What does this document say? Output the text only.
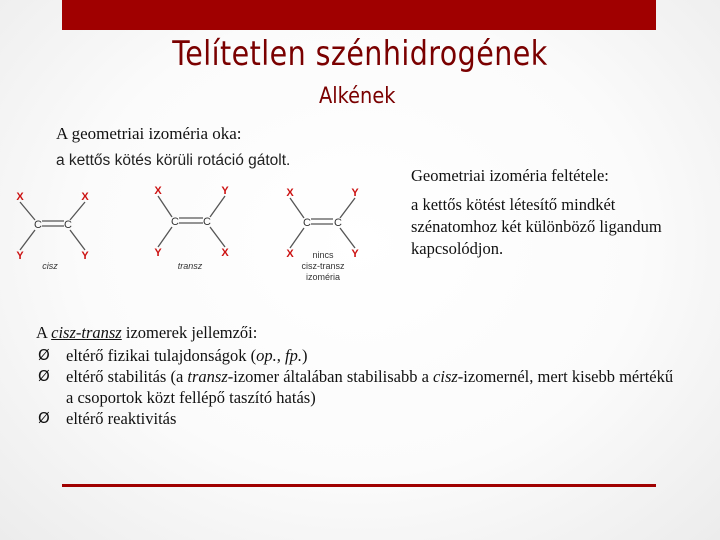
Telítetlen szénhidrogének
Alkének
A geometriai izoméria oka:
a kettős kötés körüli rotáció gátolt.
X	X
Y	Y
C C
cisz
X	Y
Y	X
C C
transz
X	Y
X	Y
C C
nincs
cisz-transz
izoméria
Geometriai izoméria feltétele:
a kettős kötést létesítő mindkét szénatomhoz két különböző ligandum kapcsolódjon.
A cisz-transz izomerek jellemzői:
Ø eltérő fizikai tulajdonságok (op., fp.)
Ø eltérő stabilitás (a transz-izomer általában stabilisabb a cisz-izomernél, mert kisebb mértékű a csoportok közt fellépő taszító hatás)
Ø eltérő reaktivitás
